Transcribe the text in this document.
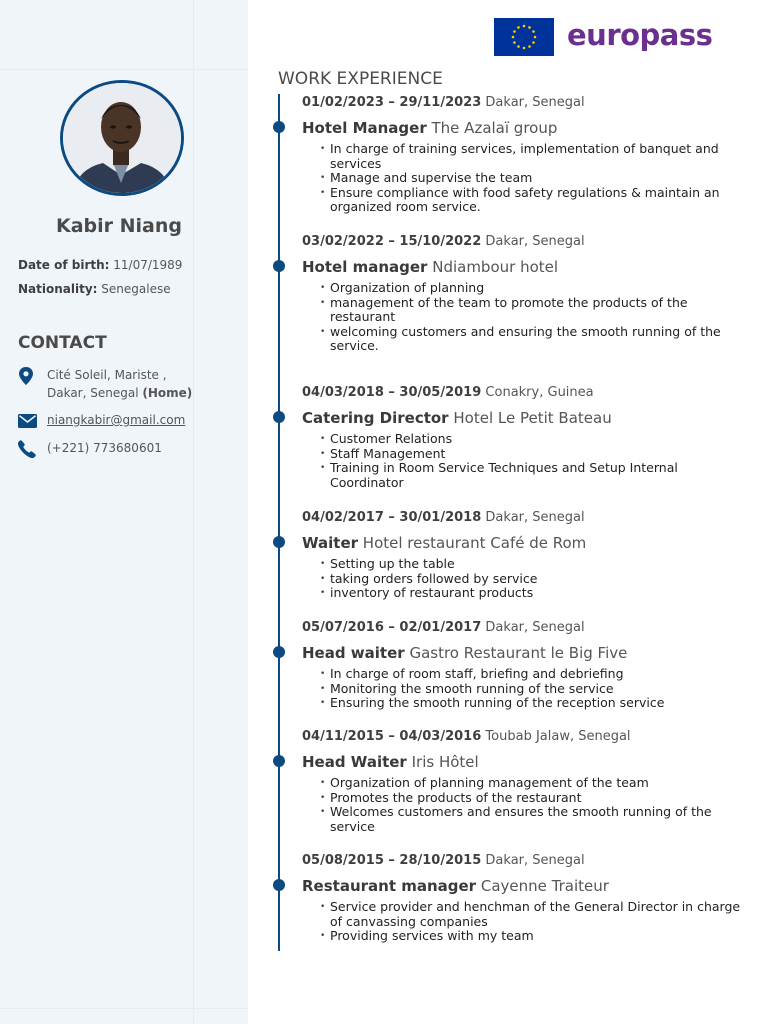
Kabir Niang
Date of birth: 11/07/1989
Nationality: Senegalese
CONTACT
Cité Soleil, Mariste ,
Dakar, Senegal (Home)
niangkabir@gmail.com
(+221) 773680601
europass
WORK EXPERIENCE
01/02/2023 – 29/11/2023 Dakar, Senegal
Hotel Manager The Azalaï group
• In charge of training services, implementation of banquet and services
• Manage and supervise the team
• Ensure compliance with food safety regulations & maintain an organized room service.
03/02/2022 – 15/10/2022 Dakar, Senegal
Hotel manager Ndiambour hotel
• Organization of planning
• management of the team to promote the products of the restaurant
• welcoming customers and ensuring the smooth running of the service.
04/03/2018 – 30/05/2019 Conakry, Guinea
Catering Director Hotel Le Petit Bateau
• Customer Relations
• Staff Management
• Training in Room Service Techniques and Setup Internal Coordinator
04/02/2017 – 30/01/2018 Dakar, Senegal
Waiter Hotel restaurant Café de Rom
• Setting up the table
• taking orders followed by service
• inventory of restaurant products
05/07/2016 – 02/01/2017 Dakar, Senegal
Head waiter Gastro Restaurant le Big Five
• In charge of room staff, briefing and debriefing
• Monitoring the smooth running of the service
• Ensuring the smooth running of the reception service
04/11/2015 – 04/03/2016 Toubab Jalaw, Senegal
Head Waiter Iris Hôtel
• Organization of planning management of the team
• Promotes the products of the restaurant
• Welcomes customers and ensures the smooth running of the service
05/08/2015 – 28/10/2015 Dakar, Senegal
Restaurant manager Cayenne Traiteur
• Service provider and henchman of the General Director in charge of canvassing companies
• Providing services with my team
